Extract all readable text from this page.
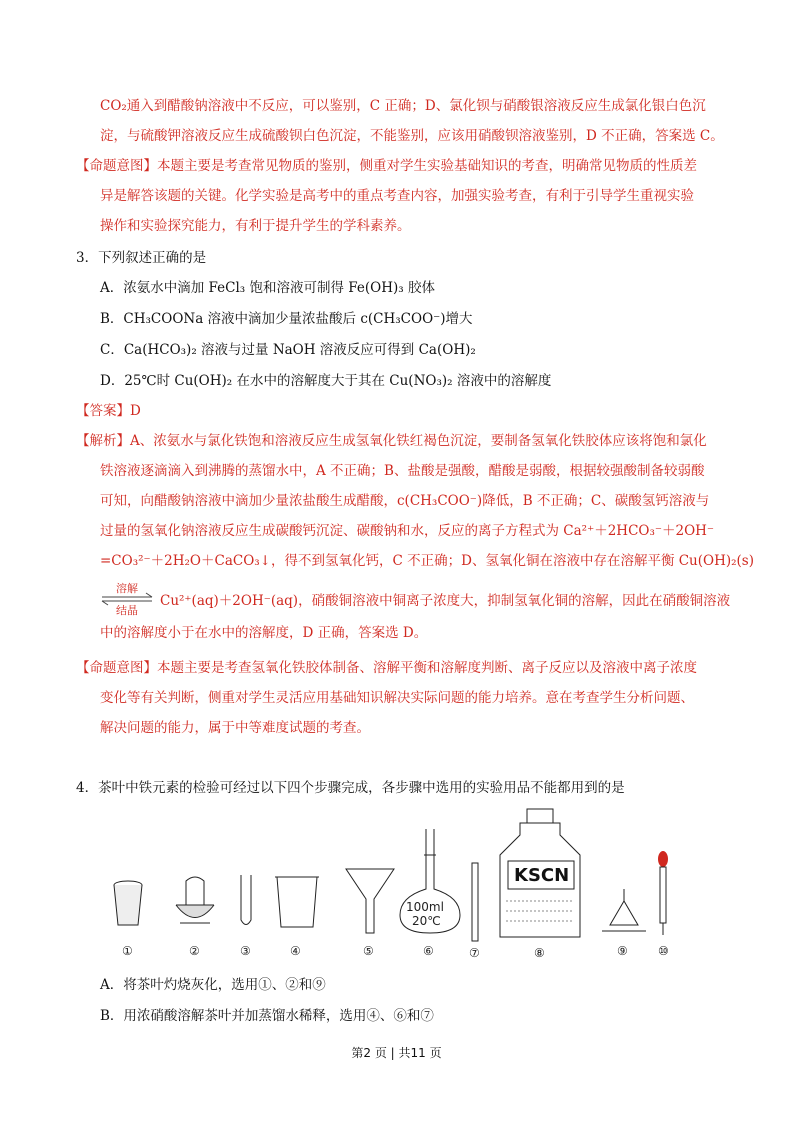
CO₂通入到醋酸钠溶液中不反应，可以鉴别，C 正确；D、氯化钡与硝酸银溶液反应生成氯化银白色沉
淀，与硫酸钾溶液反应生成硫酸钡白色沉淀，不能鉴别，应该用硝酸钡溶液鉴别，D 不正确，答案选 C。
【命题意图】本题主要是考查常见物质的鉴别，侧重对学生实验基础知识的考查，明确常见物质的性质差
异是解答该题的关键。化学实验是高考中的重点考查内容，加强实验考查，有利于引导学生重视实验
操作和实验探究能力，有利于提升学生的学科素养。
3．下列叙述正确的是
A．浓氨水中滴加 FeCl₃ 饱和溶液可制得 Fe(OH)₃ 胶体
B．CH₃COONa 溶液中滴加少量浓盐酸后 c(CH₃COO⁻)增大
C．Ca(HCO₃)₂ 溶液与过量 NaOH 溶液反应可得到 Ca(OH)₂
D．25℃时 Cu(OH)₂ 在水中的溶解度大于其在 Cu(NO₃)₂ 溶液中的溶解度
【答案】D
【解析】A、浓氨水与氯化铁饱和溶液反应生成氢氧化铁红褐色沉淀，要制备氢氧化铁胶体应该将饱和氯化
铁溶液逐滴滴入到沸腾的蒸馏水中，A 不正确；B、盐酸是强酸，醋酸是弱酸，根据较强酸制备较弱酸
可知，向醋酸钠溶液中滴加少量浓盐酸生成醋酸，c(CH₃COO⁻)降低，B 不正确；C、碳酸氢钙溶液与
过量的氢氧化钠溶液反应生成碳酸钙沉淀、碳酸钠和水，反应的离子方程式为 Ca²⁺＋2HCO₃⁻＋2OH⁻
=CO₃²⁻＋2H₂O＋CaCO₃↓，得不到氢氧化钙，C 不正确；D、氢氧化铜在溶液中存在溶解平衡 Cu(OH)₂(s)
溶解
结晶
Cu²⁺(aq)＋2OH⁻(aq)，硝酸铜溶液中铜离子浓度大，抑制氢氧化铜的溶解，因此在硝酸铜溶液
中的溶解度小于在水中的溶解度，D 正确，答案选 D。
【命题意图】本题主要是考查氢氧化铁胶体制备、溶解平衡和溶解度判断、离子反应以及溶液中离子浓度
变化等有关判断，侧重对学生灵活应用基础知识解决实际问题的能力培养。意在考查学生分析问题、
解决问题的能力，属于中等难度试题的考查。
4．茶叶中铁元素的检验可经过以下四个步骤完成，各步骤中选用的实验用品不能都用到的是
100ml
20℃
KSCN
①	②	③	④	⑤	⑥	⑦	⑧	⑨	⑩
A．将茶叶灼烧灰化，选用①、②和⑨
B．用浓硝酸溶解茶叶并加蒸馏水稀释，选用④、⑥和⑦
第2 页 | 共11 页
